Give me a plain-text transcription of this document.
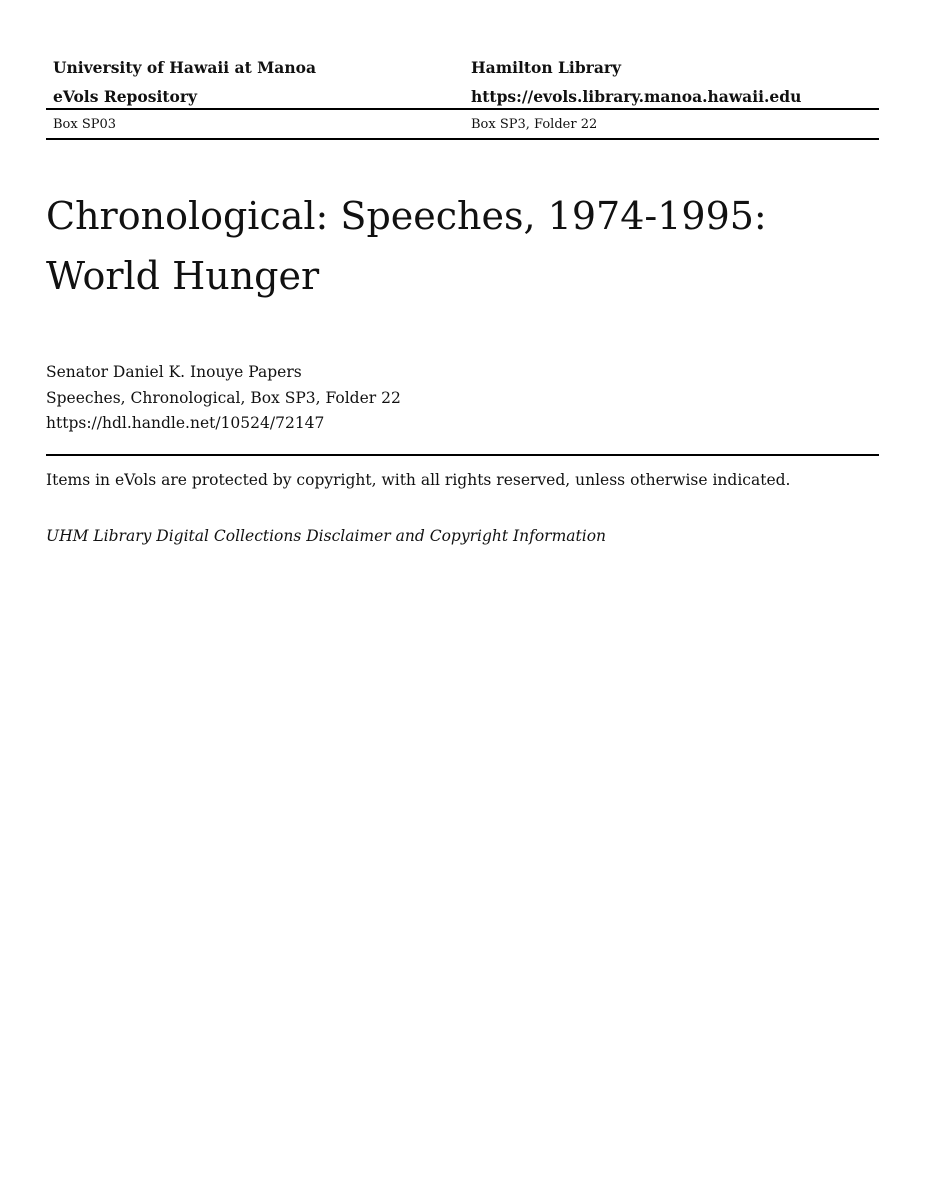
University of Hawaii at Manoa	Hamilton Library
eVols Repository	https://evols.library.manoa.hawaii.edu
Box SP03	Box SP3, Folder 22
Chronological: Speeches, 1974-1995:
World Hunger
Senator Daniel K. Inouye Papers
Speeches, Chronological, Box SP3, Folder 22
https://hdl.handle.net/10524/72147
Items in eVols are protected by copyright, with all rights reserved, unless otherwise indicated.
UHM Library Digital Collections Disclaimer and Copyright Information
